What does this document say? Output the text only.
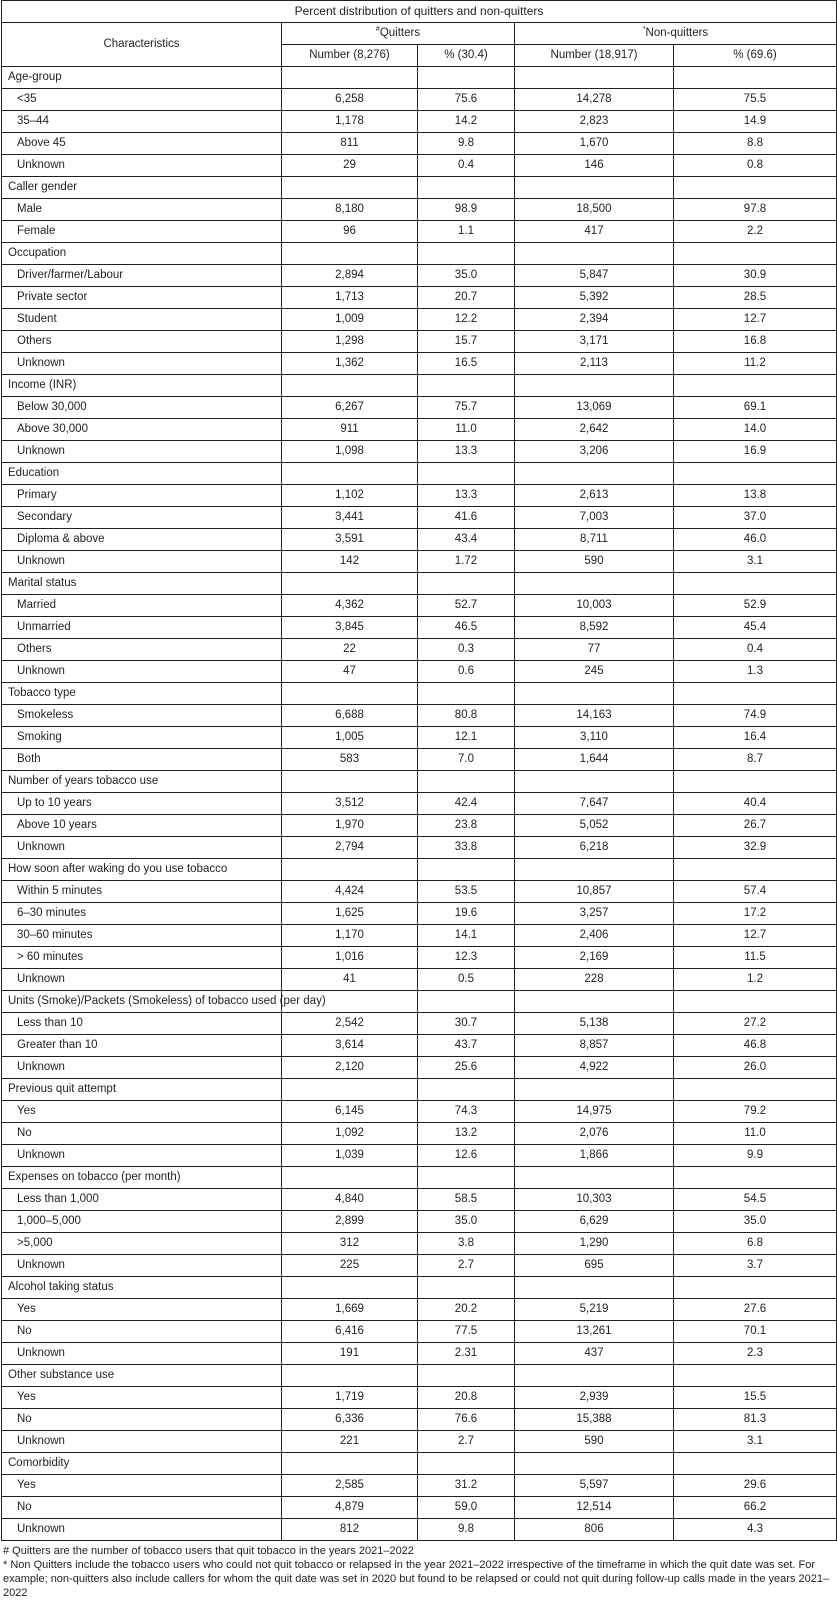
Percent distribution of quitters and non-quitters				
Characteristics	#Quitters		*Non-quitters	
	Number (8,276)	% (30.4)	Number (18,917)	% (69.6)
Age-group				
<35	6,258	75.6	14,278	75.5
35–44	1,178	14.2	2,823	14.9
Above 45	811	9.8	1,670	8.8
Unknown	29	0.4	146	0.8
Caller gender				
Male	8,180	98.9	18,500	97.8
Female	96	1.1	417	2.2
Occupation				
Driver/farmer/Labour	2,894	35.0	5,847	30.9
Private sector	1,713	20.7	5,392	28.5
Student	1,009	12.2	2,394	12.7
Others	1,298	15.7	3,171	16.8
Unknown	1,362	16.5	2,113	11.2
Income (INR)				
Below 30,000	6,267	75.7	13,069	69.1
Above 30,000	911	11.0	2,642	14.0
Unknown	1,098	13.3	3,206	16.9
Education				
Primary	1,102	13.3	2,613	13.8
Secondary	3,441	41.6	7,003	37.0
Diploma & above	3,591	43.4	8,711	46.0
Unknown	142	1.72	590	3.1
Marital status				
Married	4,362	52.7	10,003	52.9
Unmarried	3,845	46.5	8,592	45.4
Others	22	0.3	77	0.4
Unknown	47	0.6	245	1.3
Tobacco type				
Smokeless	6,688	80.8	14,163	74.9
Smoking	1,005	12.1	3,110	16.4
Both	583	7.0	1,644	8.7
Number of years tobacco use				
Up to 10 years	3,512	42.4	7,647	40.4
Above 10 years	1,970	23.8	5,052	26.7
Unknown	2,794	33.8	6,218	32.9
How soon after waking do you use tobacco				
Within 5 minutes	4,424	53.5	10,857	57.4
6–30 minutes	1,625	19.6	3,257	17.2
30–60 minutes	1,170	14.1	2,406	12.7
> 60 minutes	1,016	12.3	2,169	11.5
Unknown	41	0.5	228	1.2
Units (Smoke)/Packets (Smokeless) of tobacco used (per day)				
Less than 10	2,542	30.7	5,138	27.2
Greater than 10	3,614	43.7	8,857	46.8
Unknown	2,120	25.6	4,922	26.0
Previous quit attempt				
Yes	6,145	74.3	14,975	79.2
No	1,092	13.2	2,076	11.0
Unknown	1,039	12.6	1,866	9.9
Expenses on tobacco (per month)				
Less than 1,000	4,840	58.5	10,303	54.5
1,000–5,000	2,899	35.0	6,629	35.0
>5,000	312	3.8	1,290	6.8
Unknown	225	2.7	695	3.7
Alcohol taking status				
Yes	1,669	20.2	5,219	27.6
No	6,416	77.5	13,261	70.1
Unknown	191	2.31	437	2.3
Other substance use				
Yes	1,719	20.8	2,939	15.5
No	6,336	76.6	15,388	81.3
Unknown	221	2.7	590	3.1
Comorbidity				
Yes	2,585	31.2	5,597	29.6
No	4,879	59.0	12,514	66.2
Unknown	812	9.8	806	4.3

# Quitters are the number of tobacco users that quit tobacco in the years 2021–2022

* Non Quitters include the tobacco users who could not quit tobacco or relapsed in the year 2021–2022 irrespective of the timeframe in which the quit date was set. For example; non-quitters also include callers for whom the quit date was set in 2020 but found to be relapsed or could not quit during follow-up calls made in the years 2021–2022
